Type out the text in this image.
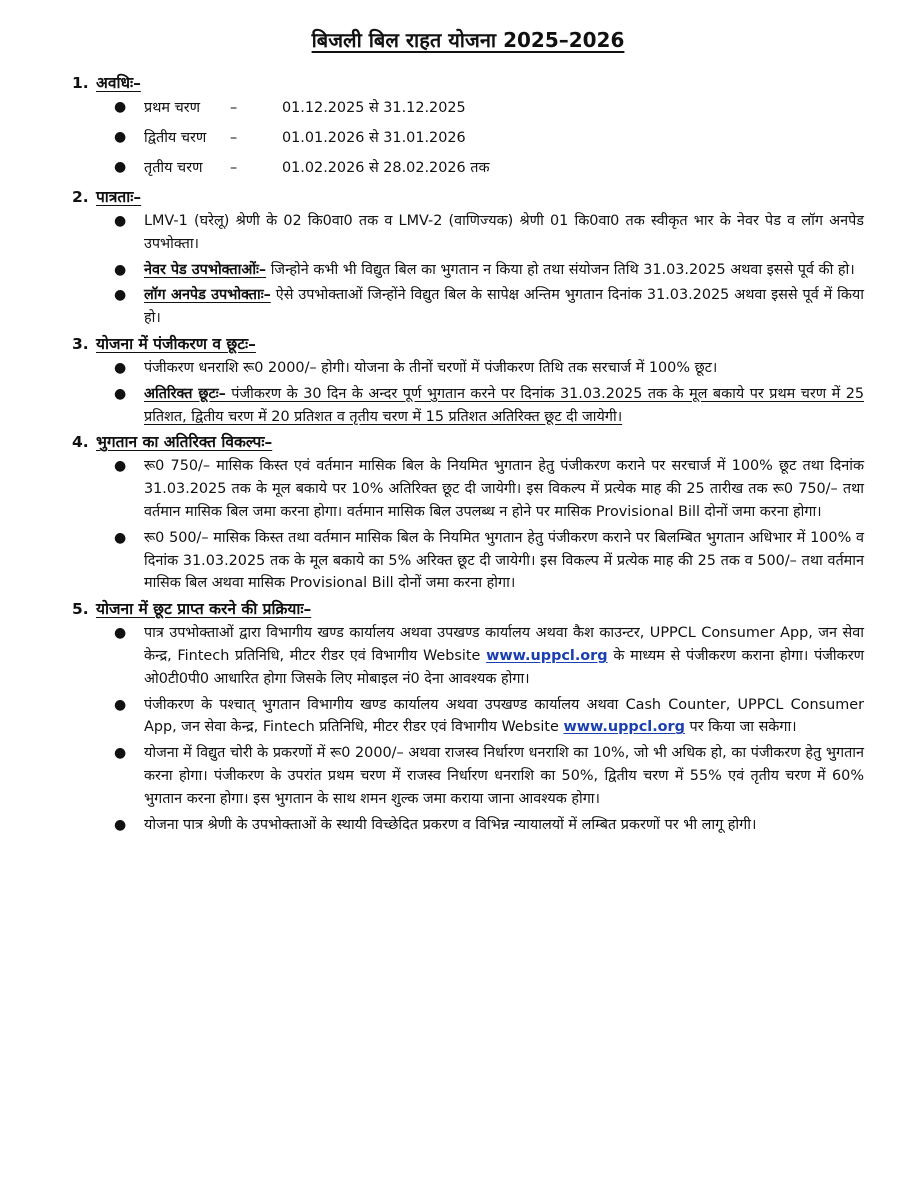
बिजली बिल राहत योजना 2025–2026
1. अवधिः–
● प्रथम चरण	–	01.12.2025 से 31.12.2025
● द्वितीय चरण	–	01.01.2026 से 31.01.2026
● तृतीय चरण	–	01.02.2026 से 28.02.2026 तक
2. पात्रताः–
● LMV-1 (घरेलू) श्रेणी के 02 कि0वा0 तक व LMV-2 (वाणिज्यक) श्रेणी 01 कि0वा0 तक स्वीकृत भार के नेवर पेड व लॉग अनपेड उपभोक्ता।
● नेवर पेड उपभोक्ताओंः– जिन्होने कभी भी विद्युत बिल का भुगतान न किया हो तथा संयोजन तिथि 31.03.2025 अथवा इससे पूर्व की हो।
● लॉग अनपेड उपभोक्ताः– ऐसे उपभोक्ताओं जिन्होंने विद्युत बिल के सापेक्ष अन्तिम भुगतान दिनांक 31.03.2025 अथवा इससे पूर्व में किया हो।
3. योजना में पंजीकरण व छूटः–
● पंजीकरण धनराशि रू0 2000/– होगी। योजना के तीनों चरणों में पंजीकरण तिथि तक सरचार्ज में 100% छूट।
● अतिरिक्त छूटः– पंजीकरण के 30 दिन के अन्दर पूर्ण भुगतान करने पर दिनांक 31.03.2025 तक के मूल बकाये पर प्रथम चरण में 25 प्रतिशत, द्वितीय चरण में 20 प्रतिशत व तृतीय चरण में 15 प्रतिशत अतिरिक्त छूट दी जायेगी।
4. भुगतान का अतिरिक्त विकल्पः–
● रू0 750/– मासिक किस्त एवं वर्तमान मासिक बिल के नियमित भुगतान हेतु पंजीकरण कराने पर सरचार्ज में 100% छूट तथा दिनांक 31.03.2025 तक के मूल बकाये पर 10% अतिरिक्त छूट दी जायेगी। इस विकल्प में प्रत्येक माह की 25 तारीख तक रू0 750/– तथा वर्तमान मासिक बिल जमा करना होगा। वर्तमान मासिक बिल उपलब्ध न होने पर मासिक Provisional Bill दोनों जमा करना होगा।
● रू0 500/– मासिक किस्त तथा वर्तमान मासिक बिल के नियमित भुगतान हेतु पंजीकरण कराने पर बिलम्बित भुगतान अधिभार में 100% व दिनांक 31.03.2025 तक के मूल बकाये का 5% अरिक्त छूट दी जायेगी। इस विकल्प में प्रत्येक माह की 25 तक व 500/– तथा वर्तमान मासिक बिल अथवा मासिक Provisional Bill दोनों जमा करना होगा।
5. योजना में छूट प्राप्त करने की प्रक्रियाः–
● पात्र उपभोक्ताओं द्वारा विभागीय खण्ड कार्यालय अथवा उपखण्ड कार्यालय अथवा कैश काउन्टर, UPPCL Consumer App, जन सेवा केन्द्र, Fintech प्रतिनिधि, मीटर रीडर एवं विभागीय Website www.uppcl.org के माध्यम से पंजीकरण कराना होगा। पंजीकरण ओ0टी0पी0 आधारित होगा जिसके लिए मोबाइल नं0 देना आवश्यक होगा।
● पंजीकरण के पश्चात् भुगतान विभागीय खण्ड कार्यालय अथवा उपखण्ड कार्यालय अथवा Cash Counter, UPPCL Consumer App, जन सेवा केन्द्र, Fintech प्रतिनिधि, मीटर रीडर एवं विभागीय Website www.uppcl.org पर किया जा सकेगा।
● योजना में विद्युत चोरी के प्रकरणों में रू0 2000/– अथवा राजस्व निर्धारण धनराशि का 10%, जो भी अधिक हो, का पंजीकरण हेतु भुगतान करना होगा। पंजीकरण के उपरांत प्रथम चरण में राजस्व निर्धारण धनराशि का 50%, द्वितीय चरण में 55% एवं तृतीय चरण में 60% भुगतान करना होगा। इस भुगतान के साथ शमन शुल्क जमा कराया जाना आवश्यक होगा।
● योजना पात्र श्रेणी के उपभोक्ताओं के स्थायी विच्छेदित प्रकरण व विभिन्न न्यायालयों में लम्बित प्रकरणों पर भी लागू होगी।
